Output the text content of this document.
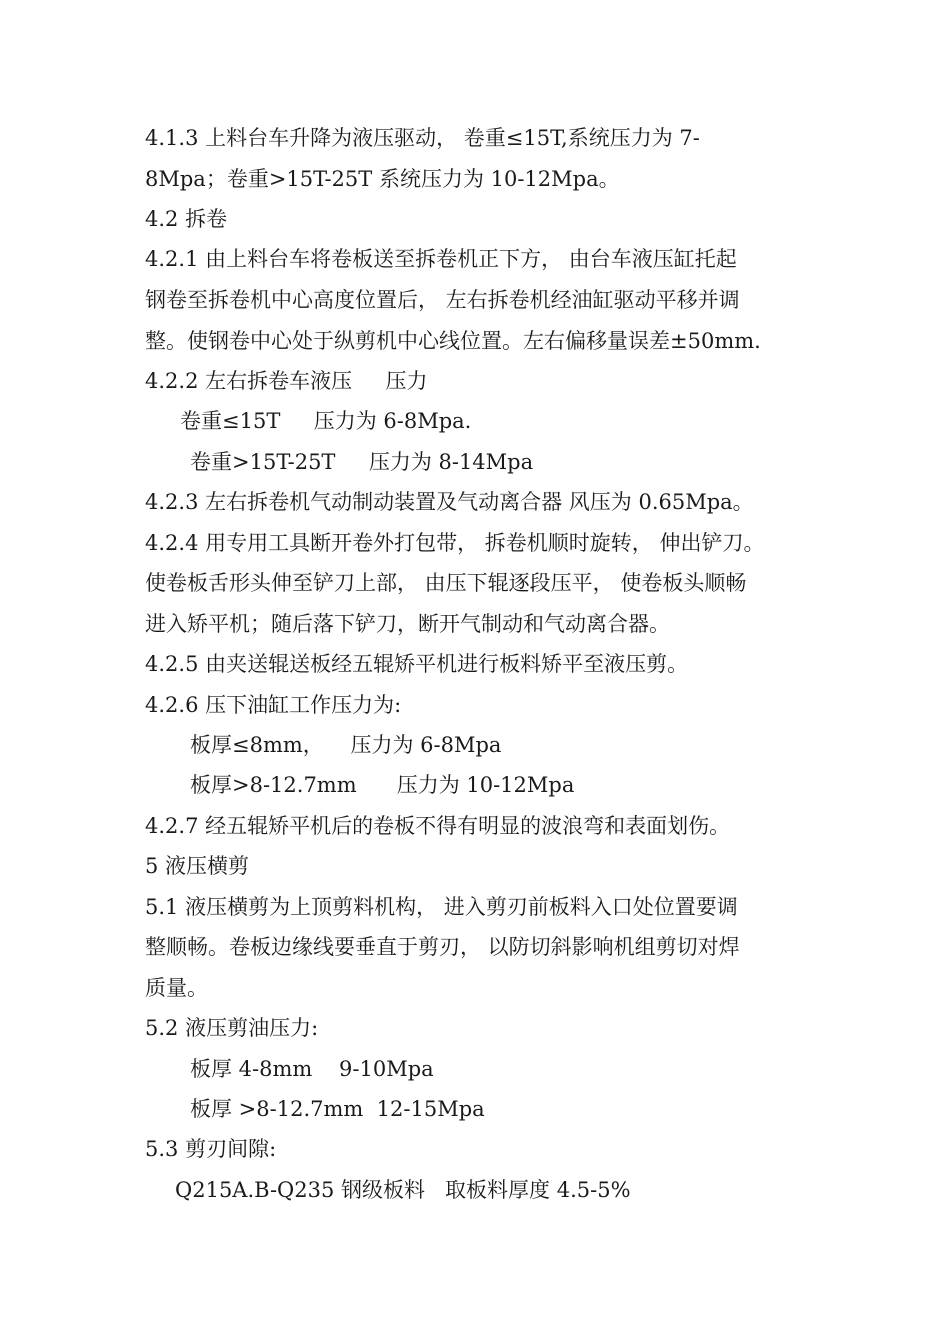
4.1.3 上料台车升降为液压驱动， 卷重≤15T,系统压力为 7-
8Mpa；卷重>15T-25T 系统压力为 10-12Mpa。
4.2 拆卷
4.2.1 由上料台车将卷板送至拆卷机正下方， 由台车液压缸托起
钢卷至拆卷机中心高度位置后， 左右拆卷机经油缸驱动平移并调
整。使钢卷中心处于纵剪机中心线位置。左右偏移量误差±50mm.
4.2.2 左右拆卷车液压     压力
卷重≤15T     压力为 6-8Mpa.
卷重>15T-25T     压力为 8-14Mpa
4.2.3 左右拆卷机气动制动装置及气动离合器 风压为 0.65Mpa。
4.2.4 用专用工具断开卷外打包带， 拆卷机顺时旋转， 伸出铲刀。
使卷板舌形头伸至铲刀上部， 由压下辊逐段压平， 使卷板头顺畅
进入矫平机；随后落下铲刀，断开气制动和气动离合器。
4.2.5 由夹送辊送板经五辊矫平机进行板料矫平至液压剪。
4.2.6 压下油缸工作压力为:
板厚≤8mm，    压力为 6-8Mpa
板厚>8-12.7mm      压力为 10-12Mpa
4.2.7 经五辊矫平机后的卷板不得有明显的波浪弯和表面划伤。
5 液压横剪
5.1 液压横剪为上顶剪料机构， 进入剪刃前板料入口处位置要调
整顺畅。卷板边缘线要垂直于剪刃， 以防切斜影响机组剪切对焊
质量。
5.2 液压剪油压力:
板厚 4-8mm    9-10Mpa
板厚 >8-12.7mm  12-15Mpa
5.3 剪刃间隙:
Q215A.B-Q235 钢级板料   取板料厚度 4.5-5%
